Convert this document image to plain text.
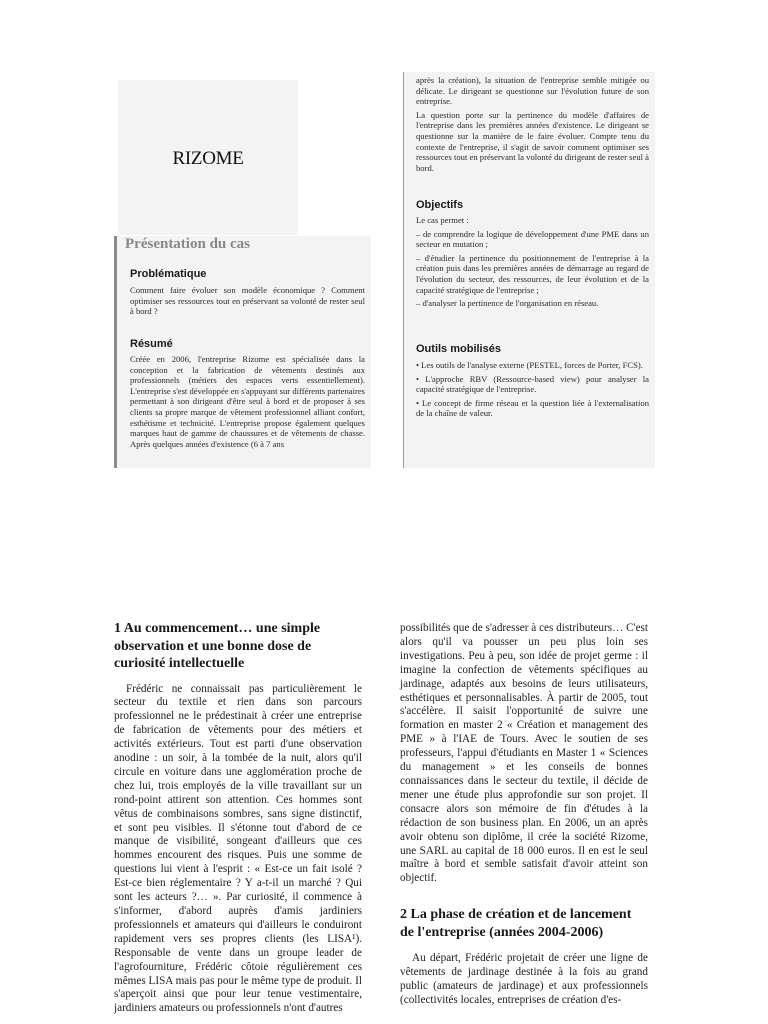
RIZOME
Présentation du cas
Problématique
Comment faire évoluer son modèle économique ? Comment optimiser ses ressources tout en préservant sa volonté de rester seul à bord ?
Résumé
Créée en 2006, l'entreprise Rizome est spécialisée dans la conception et la fabrication de vêtements destinés aux professionnels (métiers des espaces verts essentiellement). L'entreprise s'est développée en s'appuyant sur différents partenaires permettant à son dirigeant d'être seul à bord et de proposer à ses clients sa propre marque de vêtement professionnel alliant confort, esthétisme et technicité. L'entreprise propose également quelques marques haut de gamme de chaussures et de vêtements de chasse. Après quelques années d'existence (6 à 7 ans

après la création), la situation de l'entreprise semble mitigée ou délicate. Le dirigeant se questionne sur l'évolution future de son entreprise.

La question porte sur la pertinence du modèle d'affaires de l'entreprise dans les premières années d'existence. Le dirigeant se questionne sur la manière de le faire évoluer. Compte tenu du contexte de l'entreprise, il s'agit de savoir comment optimiser ses ressources tout en préservant la volonté du dirigeant de rester seul à bord.

Objectifs

Le cas permet :

– de comprendre la logique de développement d'une PME dans un secteur en mutation ;

– d'étudier la pertinence du positionnement de l'entreprise à la création puis dans les premières années de démarrage au regard de l'évolution du secteur, des ressources, de leur évolution et de la capacité stratégique de l'entreprise ;

– d'analyser la pertinence de l'organisation en réseau.

Outils mobilisés

• Les outils de l'analyse externe (PESTEL, forces de Porter, FCS).

• L'approche RBV (Ressource-based view) pour analyser la capacité stratégique de l'entreprise.

• Le concept de firme réseau et la question liée à l'externalisation de la chaîne de valeur.

1 Au commencement… une simple observation et une bonne dose de curiosité intellectuelle

Frédéric ne connaissait pas particulièrement le secteur du textile et rien dans son parcours professionnel ne le prédestinait à créer une entreprise de fabrication de vêtements pour des métiers et activités extérieurs. Tout est parti d'une observation anodine : un soir, à la tombée de la nuit, alors qu'il circule en voiture dans une agglomération proche de chez lui, trois employés de la ville travaillant sur un rond-point attirent son attention. Ces hommes sont vêtus de combinaisons sombres, sans signe distinctif, et sont peu visibles. Il s'étonne tout d'abord de ce manque de visibilité, songeant d'ailleurs que ces hommes encourent des risques. Puis une somme de questions lui vient à l'esprit : « Est-ce un fait isolé ? Est-ce bien réglementaire ? Y a-t-il un marché ? Qui sont les acteurs ?… ». Par curiosité, il commence à s'informer, d'abord auprès d'amis jardiniers professionnels et amateurs qui d'ailleurs le conduiront rapidement vers ses propres clients (les LISA¹). Responsable de vente dans un groupe leader de l'agrofourniture, Frédéric côtoie régulièrement ces mêmes LISA mais pas pour le même type de produit. Il s'aperçoit ainsi que pour leur tenue vestimentaire, jardiniers amateurs ou professionnels n'ont d'autres

possibilités que de s'adresser à ces distributeurs… C'est alors qu'il va pousser un peu plus loin ses investigations. Peu à peu, son idée de projet germe : il imagine la confection de vêtements spécifiques au jardinage, adaptés aux besoins de leurs utilisateurs, esthétiques et personnalisables. À partir de 2005, tout s'accélère. Il saisit l'opportunité de suivre une formation en master 2 « Création et management des PME » à l'IAE de Tours. Avec le soutien de ses professeurs, l'appui d'étudiants en Master 1 « Sciences du management » et les conseils de bonnes connaissances dans le secteur du textile, il décide de mener une étude plus approfondie sur son projet. Il consacre alors son mémoire de fin d'études à la rédaction de son business plan. En 2006, un an après avoir obtenu son diplôme, il crée la société Rizome, une SARL au capital de 18 000 euros. Il en est le seul maître à bord et semble satisfait d'avoir atteint son objectif.

2 La phase de création et de lancement de l'entreprise (années 2004-2006)

Au départ, Frédéric projetait de créer une ligne de vêtements de jardinage destinée à la fois au grand public (amateurs de jardinage) et aux professionnels (collectivités locales, entreprises de création d'es-
